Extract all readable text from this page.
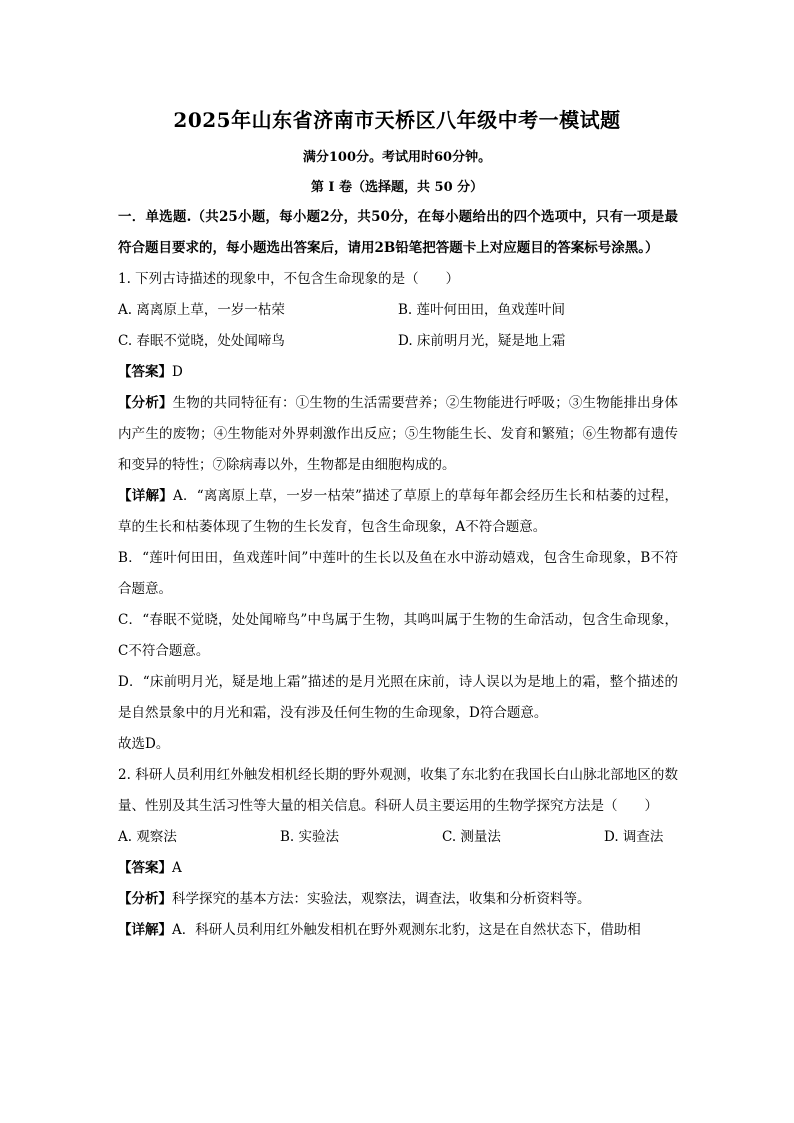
2025年山东省济南市天桥区八年级中考一模试题
满分100分。考试用时60分钟。
第 Ⅰ 卷（选择题，共 50 分）

一．单选题.（共25小题，每小题2分，共50分，在每小题给出的四个选项中，只有一项是最符合题目要求的，每小题选出答案后，请用2B铅笔把答题卡上对应题目的答案标号涂黑。）

1. 下列古诗描述的现象中，不包含生命现象的是（　　）

A. 离离原上草，一岁一枯荣	B. 莲叶何田田，鱼戏莲叶间
C. 春眠不觉晓，处处闻啼鸟	D. 床前明月光，疑是地上霜

【答案】D

【分析】生物的共同特征有：①生物的生活需要营养；②生物能进行呼吸；③生物能排出身体内产生的废物；④生物能对外界刺激作出反应；⑤生物能生长、发育和繁殖；⑥生物都有遗传和变异的特性；⑦除病毒以外，生物都是由细胞构成的。

【详解】A．“离离原上草，一岁一枯荣”描述了草原上的草每年都会经历生长和枯萎的过程，草的生长和枯萎体现了生物的生长发育，包含生命现象，A不符合题意。

B．“莲叶何田田，鱼戏莲叶间”中莲叶的生长以及鱼在水中游动嬉戏，包含生命现象，B不符合题意。

C．“春眠不觉晓，处处闻啼鸟”中鸟属于生物，其鸣叫属于生物的生命活动，包含生命现象，C不符合题意。

D．“床前明月光，疑是地上霜”描述的是月光照在床前，诗人误以为是地上的霜，整个描述的是自然景象中的月光和霜，没有涉及任何生物的生命现象，D符合题意。

故选D。

2. 科研人员利用红外触发相机经长期的野外观测，收集了东北豹在我国长白山脉北部地区的数量、性别及其生活习性等大量的相关信息。科研人员主要运用的生物学探究方法是（　　）

A. 观察法	B. 实验法	C. 测量法	D. 调查法

【答案】A

【分析】科学探究的基本方法：实验法，观察法，调查法，收集和分析资料等。

【详解】A．科研人员利用红外触发相机在野外观测东北豹，这是在自然状态下，借助相
